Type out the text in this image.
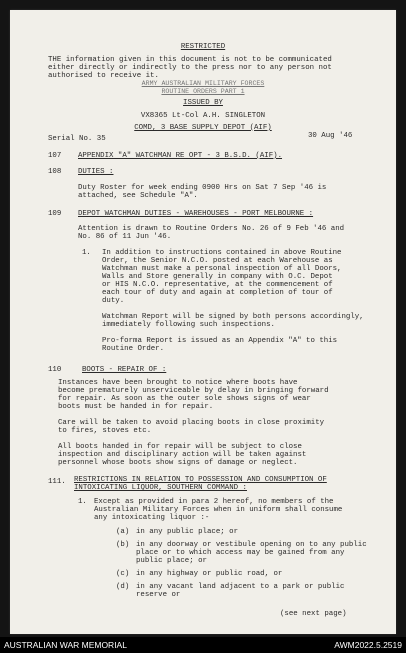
RESTRICTED
THE information given in this document is not to be communicated
either directly or indirectly to the press nor to any person not
authorised to receive it.
ARMY AUSTRALIAN MILITARY FORCES
ROUTINE ORDERS PART 1
ISSUED BY
VX8365 Lt-Col A.H. SINGLETON
COMD, 3 BASE SUPPLY DEPOT (AIF)
Serial No. 35	30 Aug '46
107 APPENDIX "A" WATCHMAN RE OPT - 3 B.S.D. (AIF).
108 DUTIES :
Duty Roster for week ending 0900 Hrs on Sat 7 Sep '46 is
attached, see Schedule "A".
109 DEPOT WATCHMAN DUTIES - WAREHOUSES - PORT MELBOURNE :
Attention is drawn to Routine Orders No. 26 of 9 Feb '46 and
No. 86 of 11 Jun '46.
1. In addition to instructions contained in above Routine
Order, the Senior N.C.O. posted at each Warehouse as
Watchman must make a personal inspection of all Doors,
Walls and Store generally in company with O.C. Depot
or HIS N.C.O. representative, at the commencement of
each tour of duty and again at completion of tour of
duty.
Watchman Report will be signed by both persons accordingly,
immediately following such inspections.
Pro-forma Report is issued as an Appendix "A" to this
Routine Order.
110	BOOTS - REPAIR OF :
Instances have been brought to notice where boots have
become prematurely unserviceable by delay in bringing forward
for repair. As soon as the outer sole shows signs of wear
boots must be handed in for repair.
Care will be taken to avoid placing boots in close proximity
to fires, stoves etc.
All boots handed in for repair will be subject to close
inspection and disciplinary action will be taken against
personnel whose boots show signs of damage or neglect.
111. RESTRICTIONS IN RELATION TO POSSESSION AND CONSUMPTION OF
INTOXICATING LIQUOR, SOUTHERN COMMAND :
1. Except as provided in para 2 hereof, no members of the
Australian Military Forces when in uniform shall consume
any intoxicating liquor :-
(a) in any public place; or
(b) in any doorway or vestibule opening on to any public
place or to which access may be gained from any
public place; or
(c) in any highway or public road, or
(d) in any vacant land adjacent to a park or public
reserve or
(see next page)
AUSTRALIAN WAR MEMORIAL	AWM2022.5.2519
